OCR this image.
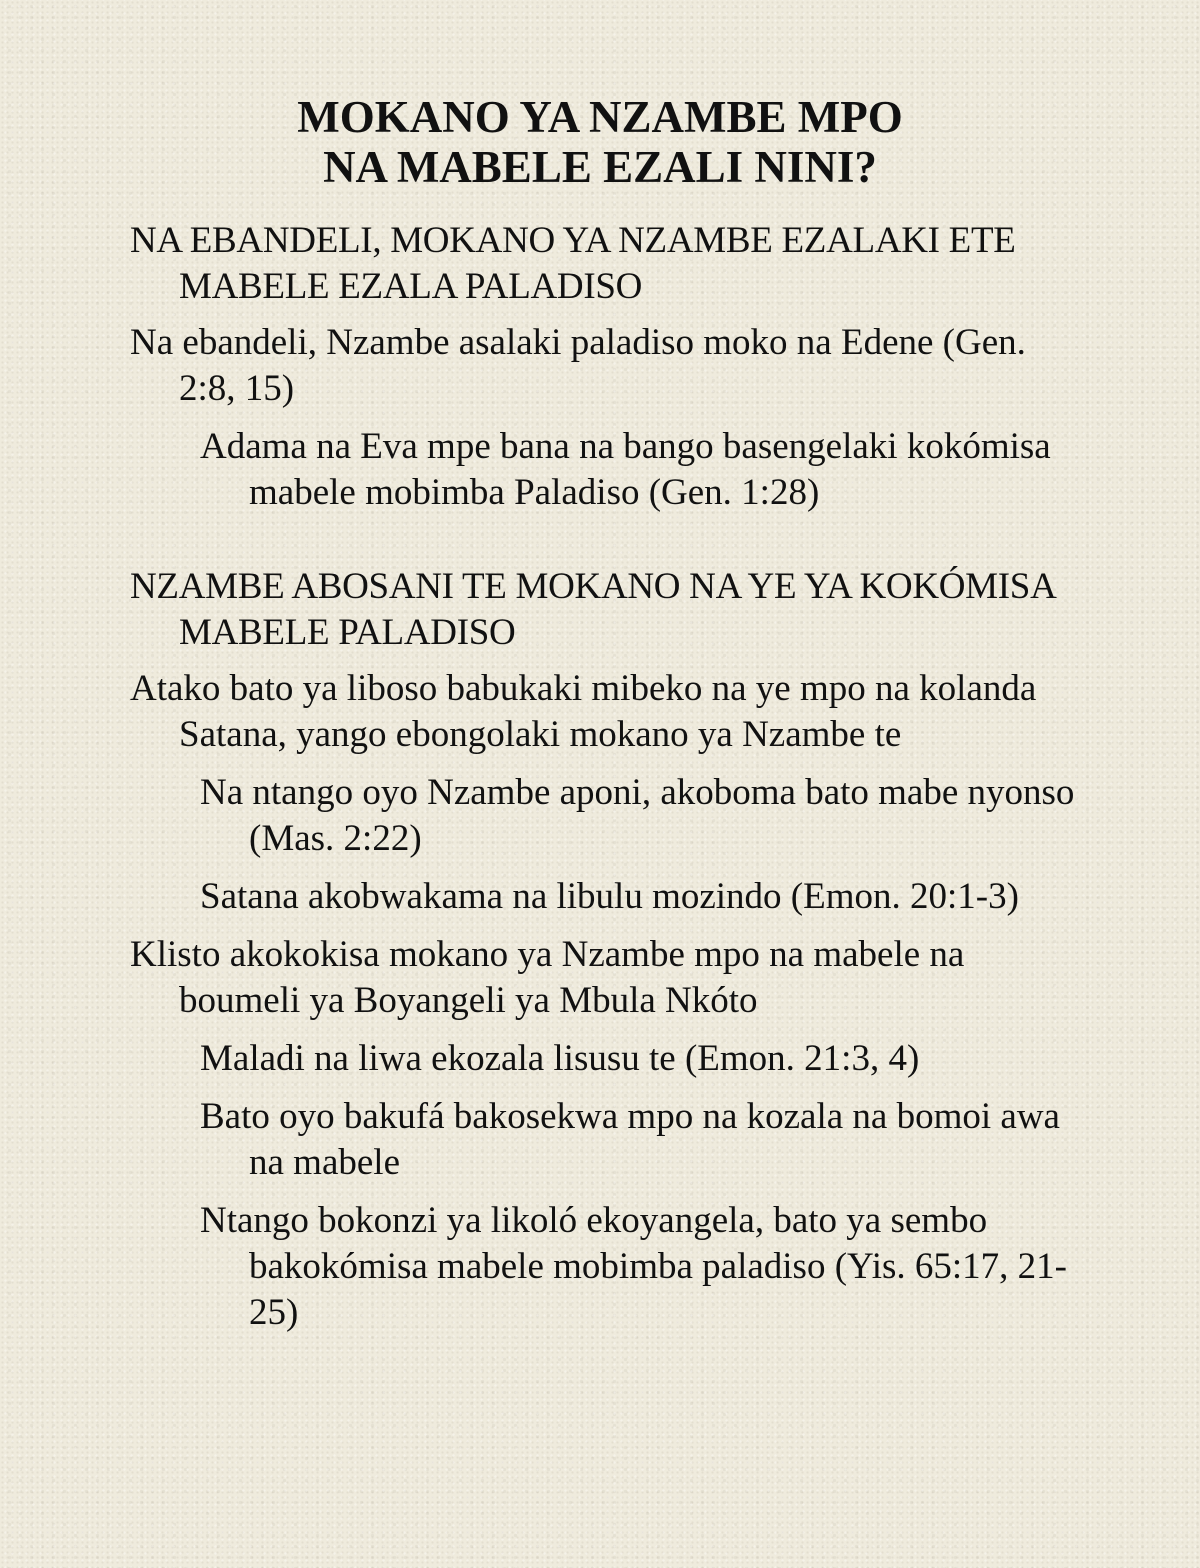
MOKANO YA NZAMBE MPO
NA MABELE EZALI NINI?

NA EBANDELI, MOKANO YA NZAMBE EZALAKI ETE MABELE EZALA PALADISO

Na ebandeli, Nzambe asalaki paladiso moko na Edene (Gen. 2:8, 15)

Adama na Eva mpe bana na bango basengelaki kokómisa mabele mobimba Paladiso (Gen. 1:28)

NZAMBE ABOSANI TE MOKANO NA YE YA KOKÓMISA MABELE PALADISO

Atako bato ya liboso babukaki mibeko na ye mpo na kolanda Satana, yango ebongolaki mokano ya Nzambe te

Na ntango oyo Nzambe aponi, akoboma bato mabe nyonso (Mas. 2:22)

Satana akobwakama na libulu mozindo (Emon. 20:1-3)

Klisto akokokisa mokano ya Nzambe mpo na mabele na boumeli ya Boyangeli ya Mbula Nkóto

Maladi na liwa ekozala lisusu te (Emon. 21:3, 4)

Bato oyo bakufá bakosekwa mpo na kozala na bomoi awa na mabele

Ntango bokonzi ya likoló ekoyangela, bato ya sembo bakokómisa mabele mobimba paladiso (Yis. 65:17, 21-25)
